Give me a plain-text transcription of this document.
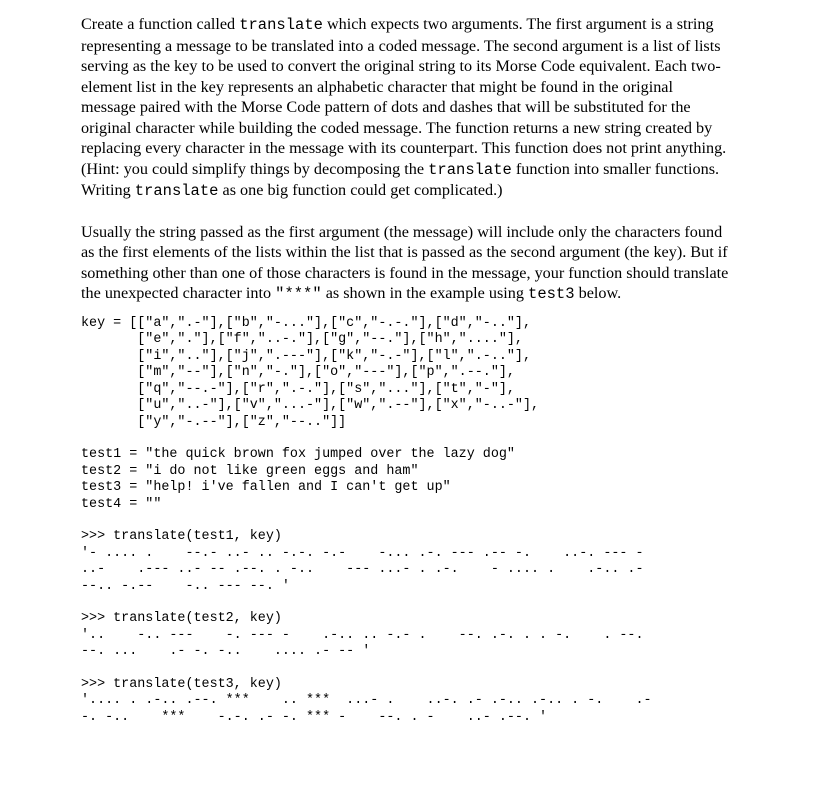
Create a function called translate which expects two arguments. The first argument is a string representing a message to be translated into a coded message. The second argument is a list of lists serving as the key to be used to convert the original string to its Morse Code equivalent. Each two-element list in the key represents an alphabetic character that might be found in the original message paired with the Morse Code pattern of dots and dashes that will be substituted for the original character while building the coded message. The function returns a new string created by replacing every character in the message with its counterpart. This function does not print anything. (Hint: you could simplify things by decomposing the translate function into smaller functions. Writing translate as one big function could get complicated.)

Usually the string passed as the first argument (the message) will include only the characters found as the first elements of the lists within the list that is passed as the second argument (the key). But if something other than one of those characters is found in the message, your function should translate the unexpected character into "***" as shown in the example using test3 below.

key = [["a",".-"],["b","-..."],["c","-.-."],["d","-.."],
["e","."],["f","..-."],["g","--."],["h","...."],
["i",".."],["j",".---"],["k","-.-"],["l",".-.."],
["m","--"],["n","-."],["o","---"],["p",".--."],
["q","--.-"],["r",".-."],["s","..."],["t","-"],
["u","..-"],["v","...-"],["w",".--"],["x","-..-"],
["y","-.--"],["z","--.."]]
test1 = "the quick brown fox jumped over the lazy dog"
test2 = "i do not like green eggs and ham"
test3 = "help! i've fallen and I can't get up"
test4 = ""
>>> translate(test1, key)
'- .... .    --.- ..- .. -.-. -.-    -... .-. --- .-- -.    ..-. --- -
..-    .--- ..- -- .--. . -..    --- ...- . .-.    - .... .    .-.. .-
--.. -.--    -.. --- --. '
>>> translate(test2, key)
'..    -.. ---    -. --- -    .-.. .. -.- .    --. .-. . . -.    . --.
--. ...    .- -. -..    .... .- -- '
>>> translate(test3, key)
'.... . .-.. .--. ***    .. ***  ...- .    ..-. .- .-.. .-.. . -.    .-
-. -..    ***    -.-. .- -. *** -    --. . -    ..- .--. '
